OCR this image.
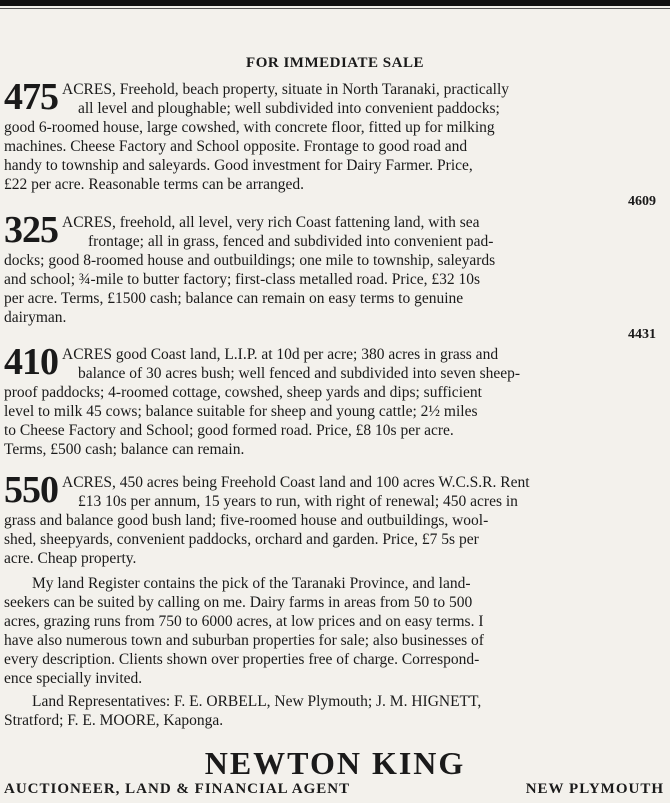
FOR IMMEDIATE SALE
475 ACRES, Freehold, beach property, situate in North Taranaki, practically
all level and ploughable; well subdivided into convenient paddocks;
good 6-roomed house, large cowshed, with concrete floor, fitted up for milking
machines. Cheese Factory and School opposite. Frontage to good road and
handy to township and saleyards. Good investment for Dairy Farmer. Price,
£22 per acre. Reasonable terms can be arranged.

4609
325 ACRES, freehold, all level, very rich Coast fattening land, with sea
frontage; all in grass, fenced and subdivided into convenient pad-
docks; good 8-roomed house and outbuildings; one mile to township, saleyards
and school; ¾-mile to butter factory; first-class metalled road. Price, £32 10s
per acre. Terms, £1500 cash; balance can remain on easy terms to genuine
dairyman.

4431
410 ACRES good Coast land, L.I.P. at 10d per acre; 380 acres in grass and
balance of 30 acres bush; well fenced and subdivided into seven sheep-
proof paddocks; 4-roomed cottage, cowshed, sheep yards and dips; sufficient
level to milk 45 cows; balance suitable for sheep and young cattle; 2½ miles
to Cheese Factory and School; good formed road. Price, £8 10s per acre.
Terms, £500 cash; balance can remain.

550 ACRES, 450 acres being Freehold Coast land and 100 acres W.C.S.R. Rent
£13 10s per annum, 15 years to run, with right of renewal; 450 acres in
grass and balance good bush land; five-roomed house and outbuildings, wool-
shed, sheepyards, convenient paddocks, orchard and garden. Price, £7 5s per
acre. Cheap property.

My land Register contains the pick of the Taranaki Province, and land-
seekers can be suited by calling on me. Dairy farms in areas from 50 to 500
acres, grazing runs from 750 to 6000 acres, at low prices and on easy terms. I
have also numerous town and suburban properties for sale; also businesses of
every description. Clients shown over properties free of charge. Correspond-
ence specially invited.
Land Representatives: F. E. ORBELL, New Plymouth; J. M. HIGNETT,
Stratford; F. E. MOORE, Kaponga.
NEWTON KING
AUCTIONEER, LAND & FINANCIAL AGENT	NEW PLYMOUTH
